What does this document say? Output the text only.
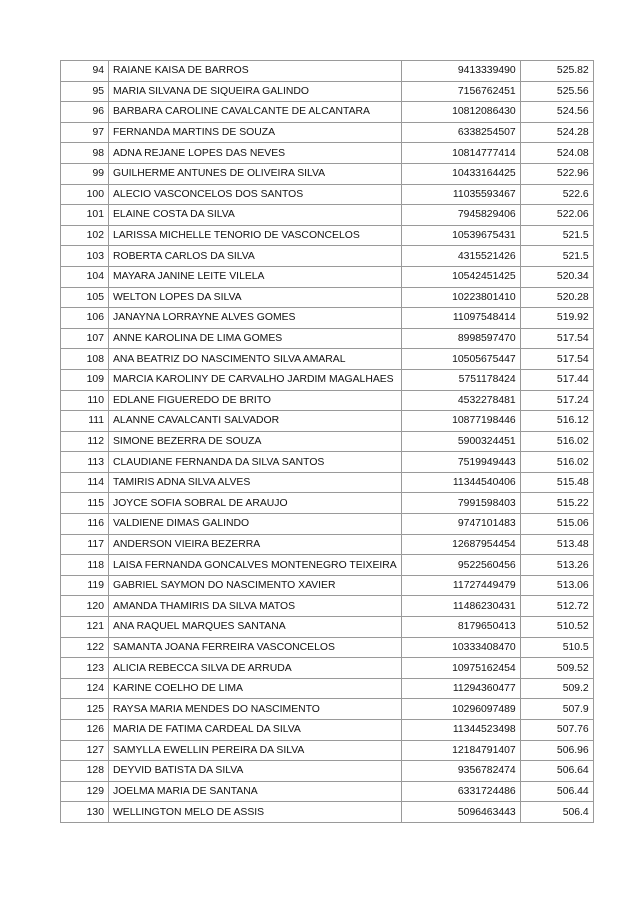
94	RAIANE KAISA DE BARROS	9413339490	525.82
95	MARIA SILVANA DE SIQUEIRA GALINDO	7156762451	525.56
96	BARBARA CAROLINE CAVALCANTE DE ALCANTARA	10812086430	524.56
97	FERNANDA MARTINS DE SOUZA	6338254507	524.28
98	ADNA REJANE LOPES DAS NEVES	10814777414	524.08
99	GUILHERME ANTUNES DE OLIVEIRA SILVA	10433164425	522.96
100	ALECIO VASCONCELOS DOS SANTOS	11035593467	522.6
101	ELAINE COSTA DA SILVA	7945829406	522.06
102	LARISSA MICHELLE TENORIO DE VASCONCELOS	10539675431	521.5
103	ROBERTA CARLOS DA SILVA	4315521426	521.5
104	MAYARA JANINE LEITE VILELA	10542451425	520.34
105	WELTON LOPES DA SILVA	10223801410	520.28
106	JANAYNA LORRAYNE ALVES GOMES	11097548414	519.92
107	ANNE KAROLINA DE LIMA GOMES	8998597470	517.54
108	ANA BEATRIZ DO NASCIMENTO SILVA AMARAL	10505675447	517.54
109	MARCIA KAROLINY DE CARVALHO JARDIM MAGALHAES	5751178424	517.44
110	EDLANE FIGUEREDO DE BRITO	4532278481	517.24
111	ALANNE CAVALCANTI SALVADOR	10877198446	516.12
112	SIMONE BEZERRA DE SOUZA	5900324451	516.02
113	CLAUDIANE FERNANDA DA SILVA SANTOS	7519949443	516.02
114	TAMIRIS ADNA SILVA ALVES	11344540406	515.48
115	JOYCE SOFIA SOBRAL DE ARAUJO	7991598403	515.22
116	VALDIENE DIMAS GALINDO	9747101483	515.06
117	ANDERSON VIEIRA BEZERRA	12687954454	513.48
118	LAISA FERNANDA GONCALVES MONTENEGRO TEIXEIRA	9522560456	513.26
119	GABRIEL SAYMON DO NASCIMENTO XAVIER	11727449479	513.06
120	AMANDA THAMIRIS DA SILVA MATOS	11486230431	512.72
121	ANA RAQUEL MARQUES SANTANA	8179650413	510.52
122	SAMANTA JOANA FERREIRA VASCONCELOS	10333408470	510.5
123	ALICIA REBECCA SILVA DE ARRUDA	10975162454	509.52
124	KARINE COELHO DE LIMA	11294360477	509.2
125	RAYSA MARIA MENDES DO NASCIMENTO	10296097489	507.9
126	MARIA DE FATIMA CARDEAL DA SILVA	11344523498	507.76
127	SAMYLLA EWELLIN PEREIRA DA SILVA	12184791407	506.96
128	DEYVID BATISTA DA SILVA	9356782474	506.64
129	JOELMA MARIA DE SANTANA	6331724486	506.44
130	WELLINGTON MELO DE ASSIS	5096463443	506.4
